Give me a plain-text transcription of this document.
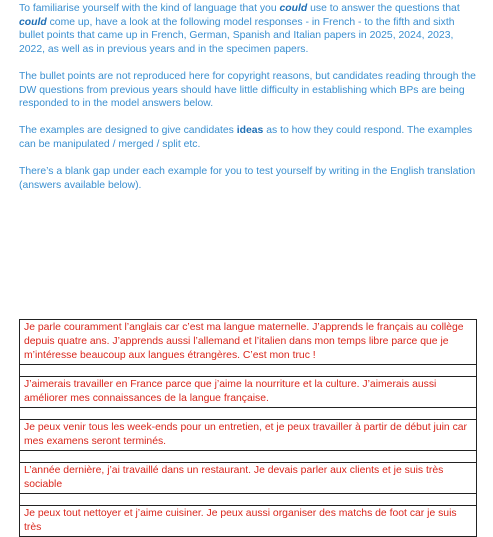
To familiarise yourself with the kind of language that you could use to answer the questions that could come up, have a look at the following model responses - in French - to the fifth and sixth bullet points that came up in French, German, Spanish and Italian papers in 2025, 2024, 2023, 2022, as well as in previous years and in the specimen papers.

The bullet points are not reproduced here for copyright reasons, but candidates reading through the DW questions from previous years should have little difficulty in establishing which BPs are being responded to in the model answers below.

The examples are designed to give candidates ideas as to how they could respond. The examples can be manipulated / merged / split etc.

There’s a blank gap under each example for you to test yourself by writing in the English translation (answers available below).

Je parle couramment l’anglais car c’est ma langue maternelle. J’apprends le français au collège depuis quatre ans. J’apprends aussi l’allemand et l’italien dans mon temps libre parce que je m’intéresse beaucoup aux langues étrangères. C’est mon truc !

J’aimerais travailler en France parce que j’aime la nourriture et la culture. J’aimerais aussi améliorer mes connaissances de la langue française.

Je peux venir tous les week-ends pour un entretien, et je peux travailler à partir de début juin car mes examens seront terminés.

L’année dernière, j’ai travaillé dans un restaurant. Je devais parler aux clients et je suis très sociable

Je peux tout nettoyer et j’aime cuisiner. Je peux aussi organiser des matchs de foot car je suis très
